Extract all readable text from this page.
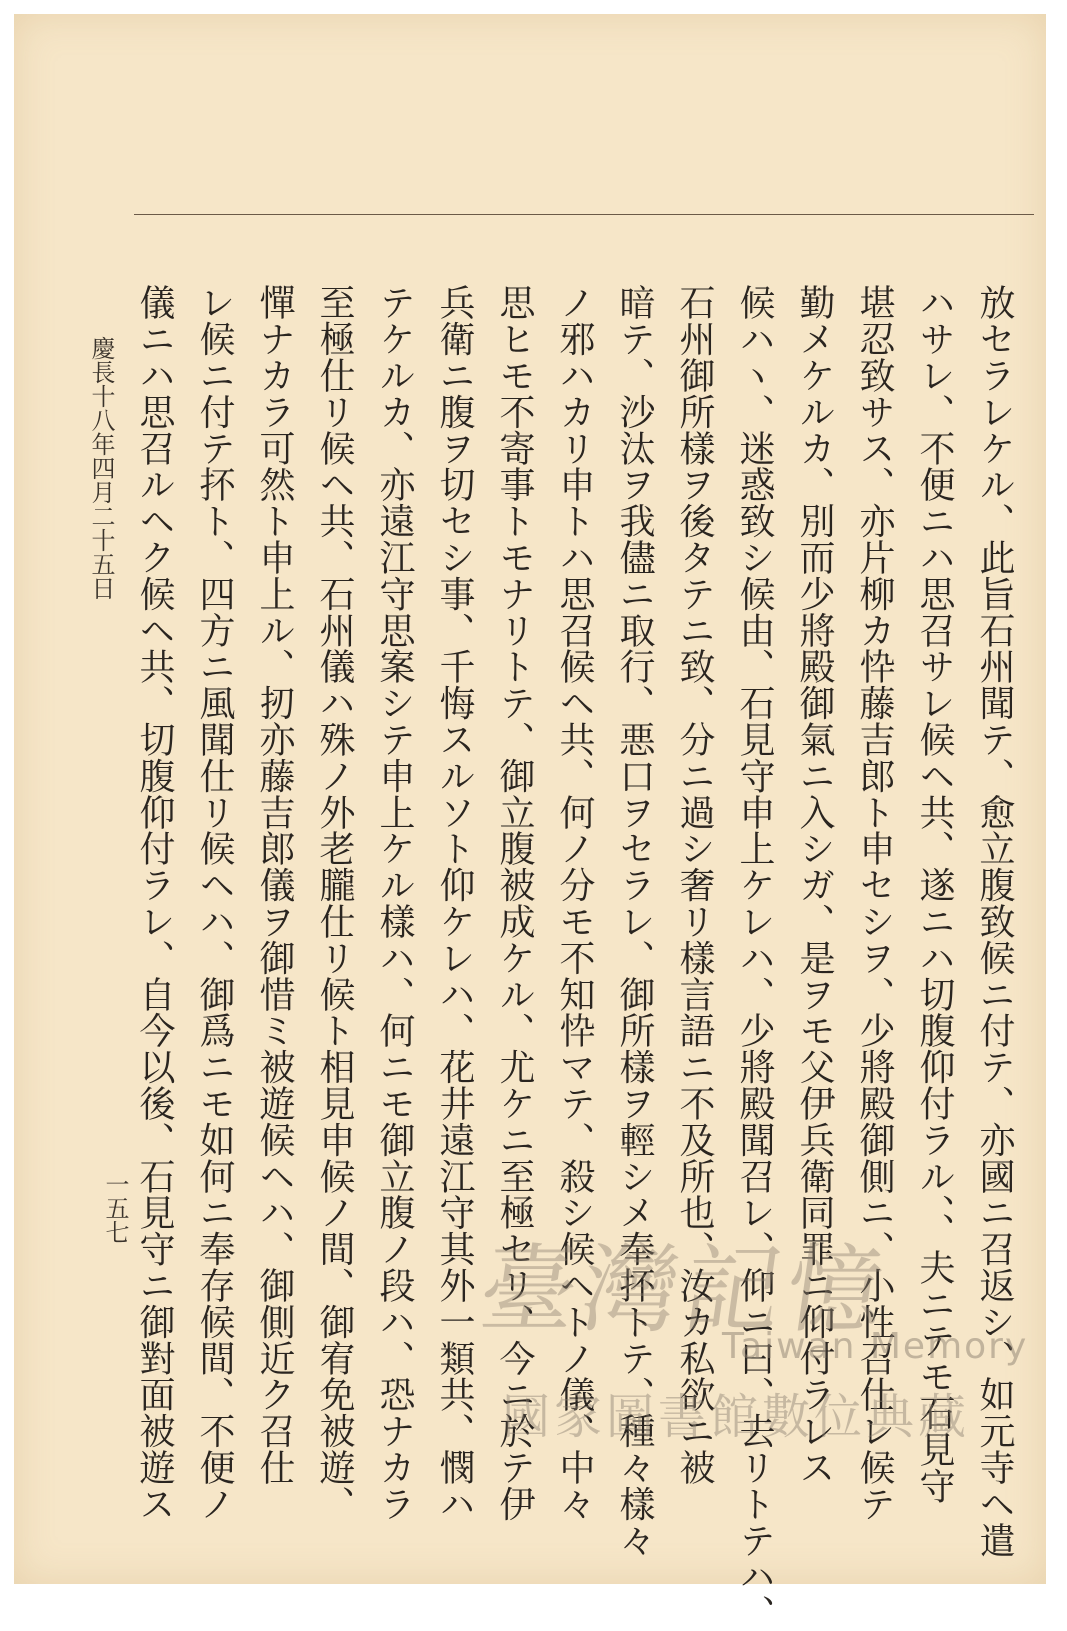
放セラレケル、此旨石州聞テ、愈立腹致候ニ付テ、亦國ニ召返シ、如元寺ヘ遣
ハサレ、不便ニハ思召サレ候ヘ共、遂ニハ切腹仰付ラル、、夫ニテモ石見守
堪忍致サス、亦片柳カ忰藤吉郎ト申セシヲ、少將殿御側ニ、小性召仕レ候テ
勤メケルカ、別而少將殿御氣ニ入シガ、是ヲモ父伊兵衛同罪ニ仰付ラレス
候ハヽ、迷惑致シ候由、石見守申上ケレハ、少將殿聞召レ、仰ニ曰、去リトテハ、
石州御所樣ヲ後タテニ致、分ニ過シ奢リ樣言語ニ不及所也、汝カ私欲ニ被
暗テ、沙汰ヲ我儘ニ取行、悪口ヲセラレ、御所樣ヲ輕シメ奉抔トテ、種々樣々
ノ邪ハカリ申トハ思召候ヘ共、何ノ分モ不知忰マテ、殺シ候ヘトノ儀、中々
思ヒモ不寄事トモナリトテ、御立腹被成ケル、尤ケニ至極セリ、今ニ於テ伊
兵衛ニ腹ヲ切セシ事、千悔スルソト仰ケレハ、花井遠江守其外一類共、憫ハ
テケルカ、亦遠江守思案シテ申上ケル樣ハ、何ニモ御立腹ノ段ハ、恐ナカラ
至極仕リ候ヘ共、石州儀ハ殊ノ外老朧仕リ候ト相見申候ノ間、御宥免被遊、
憚ナカラ可然ト申上ル、扨亦藤吉郎儀ヲ御惜ミ被遊候ヘハ、御側近ク召仕
レ候ニ付テ抔ト、四方ニ風聞仕リ候ヘハ、御爲ニモ如何ニ奉存候間、不便ノ
儀ニハ思召ルヘク候ヘ共、切腹仰付ラレ、自今以後、石見守ニ御對面被遊ス
慶長十八年四月二十五日
一五七
臺灣記憶
Taiwan Memory
國家圖書館數位典藏
